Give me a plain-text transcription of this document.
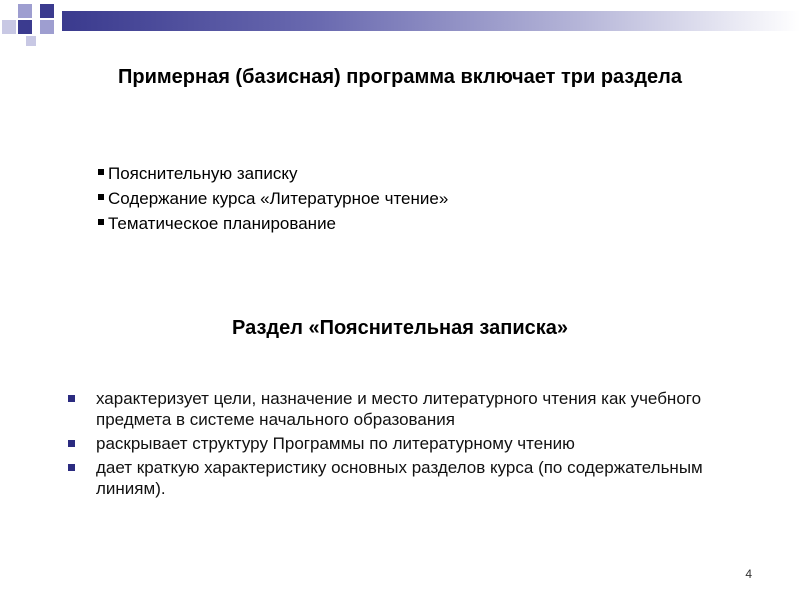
Примерная (базисная) программа включает три раздела
Пояснительную записку
Содержание курса «Литературное чтение»
Тематическое планирование
Раздел «Пояснительная записка»
характеризует цели, назначение и место литературного чтения как учебного предмета в системе начального образования
раскрывает структуру Программы по литературному чтению
дает краткую характеристику основных разделов курса (по содержательным линиям).
4
